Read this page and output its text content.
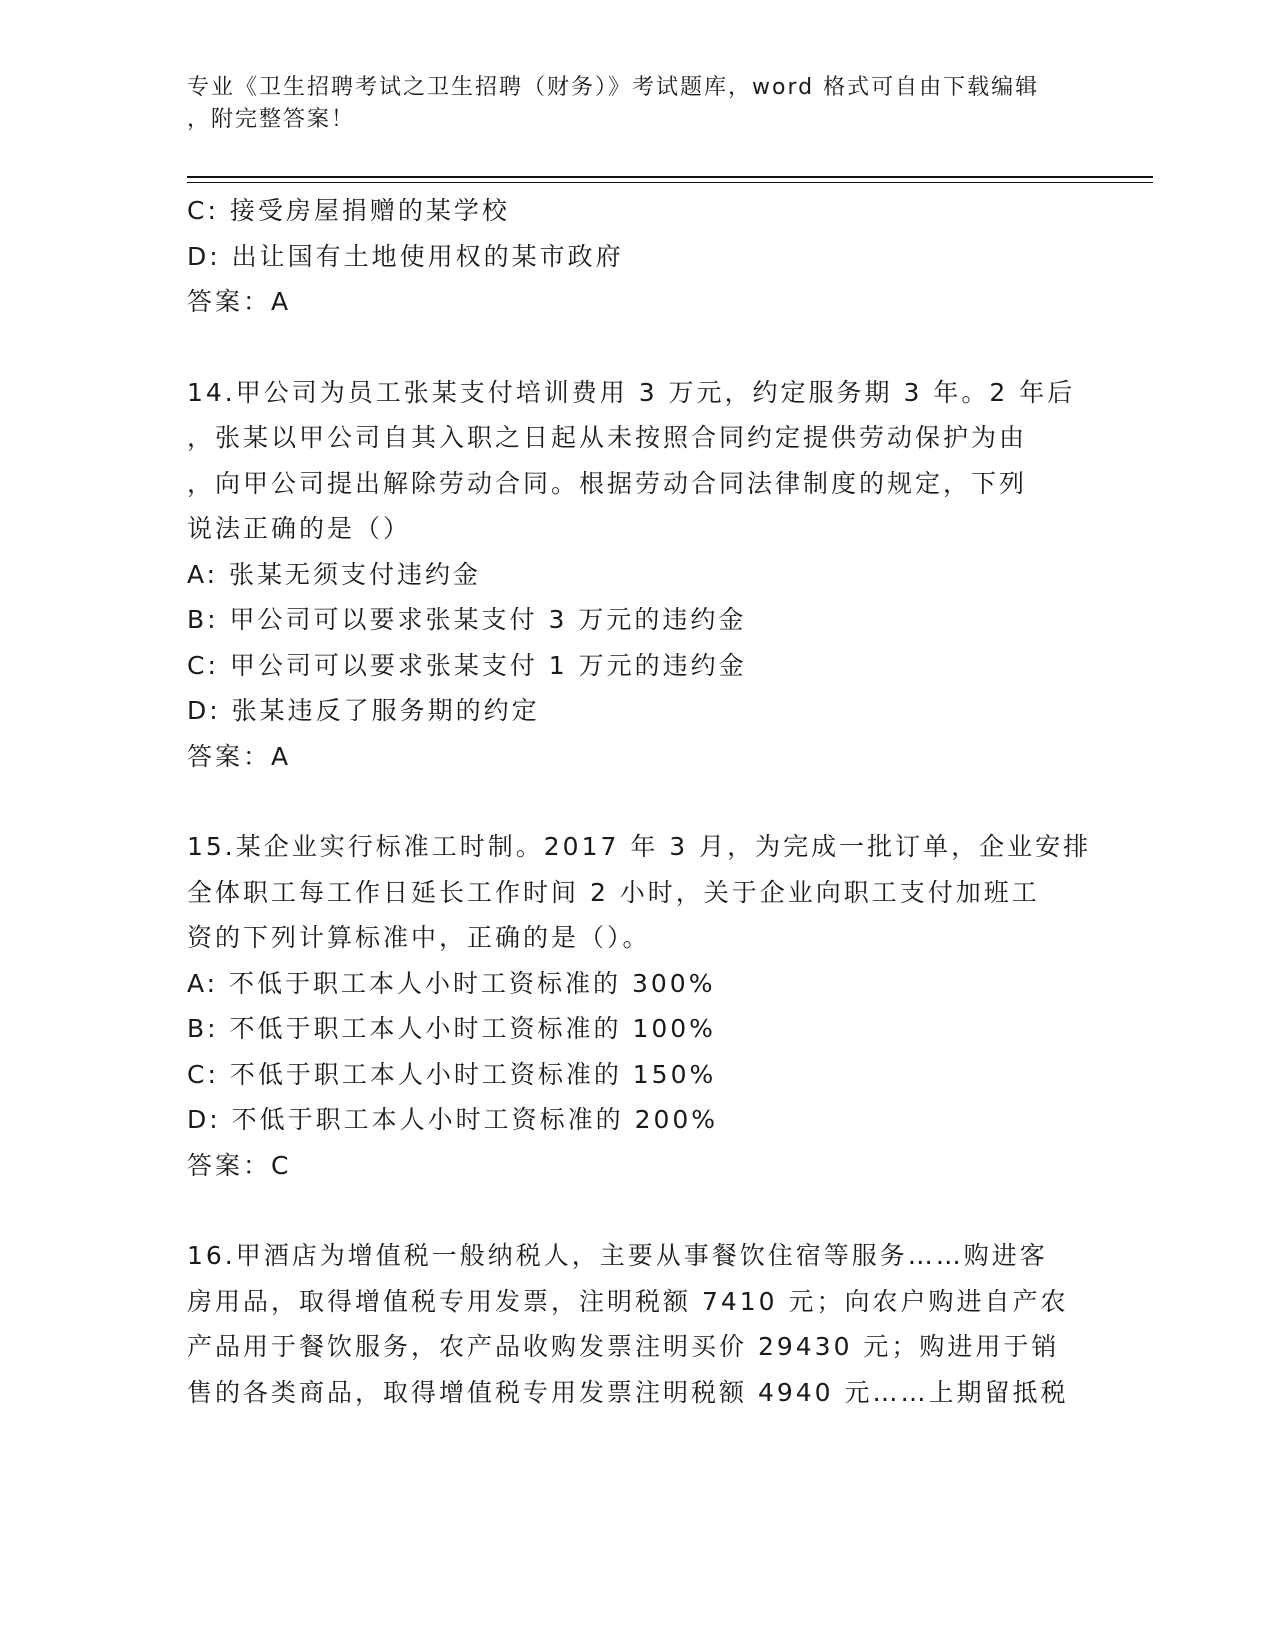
专业《卫生招聘考试之卫生招聘（财务）》考试题库，word 格式可自由下载编辑
，附完整答案！
C: 接受房屋捐赠的某学校
D: 出让国有土地使用权的某市政府
答案：A
14.甲公司为员工张某支付培训费用 3 万元，约定服务期 3 年。2 年后
，张某以甲公司自其入职之日起从未按照合同约定提供劳动保护为由
，向甲公司提出解除劳动合同。根据劳动合同法律制度的规定，下列
说法正确的是（）
A: 张某无须支付违约金
B: 甲公司可以要求张某支付 3 万元的违约金
C: 甲公司可以要求张某支付 1 万元的违约金
D: 张某违反了服务期的约定
答案：A
15.某企业实行标准工时制。2017 年 3 月，为完成一批订单，企业安排
全体职工每工作日延长工作时间 2 小时，关于企业向职工支付加班工
资的下列计算标准中，正确的是（）。
A: 不低于职工本人小时工资标准的 300%
B: 不低于职工本人小时工资标准的 100%
C: 不低于职工本人小时工资标准的 150%
D: 不低于职工本人小时工资标准的 200%
答案：C
16.甲酒店为增值税一般纳税人，主要从事餐饮住宿等服务……购进客
房用品，取得增值税专用发票，注明税额 7410 元；向农户购进自产农
产品用于餐饮服务，农产品收购发票注明买价 29430 元；购进用于销
售的各类商品，取得增值税专用发票注明税额 4940 元……上期留抵税
